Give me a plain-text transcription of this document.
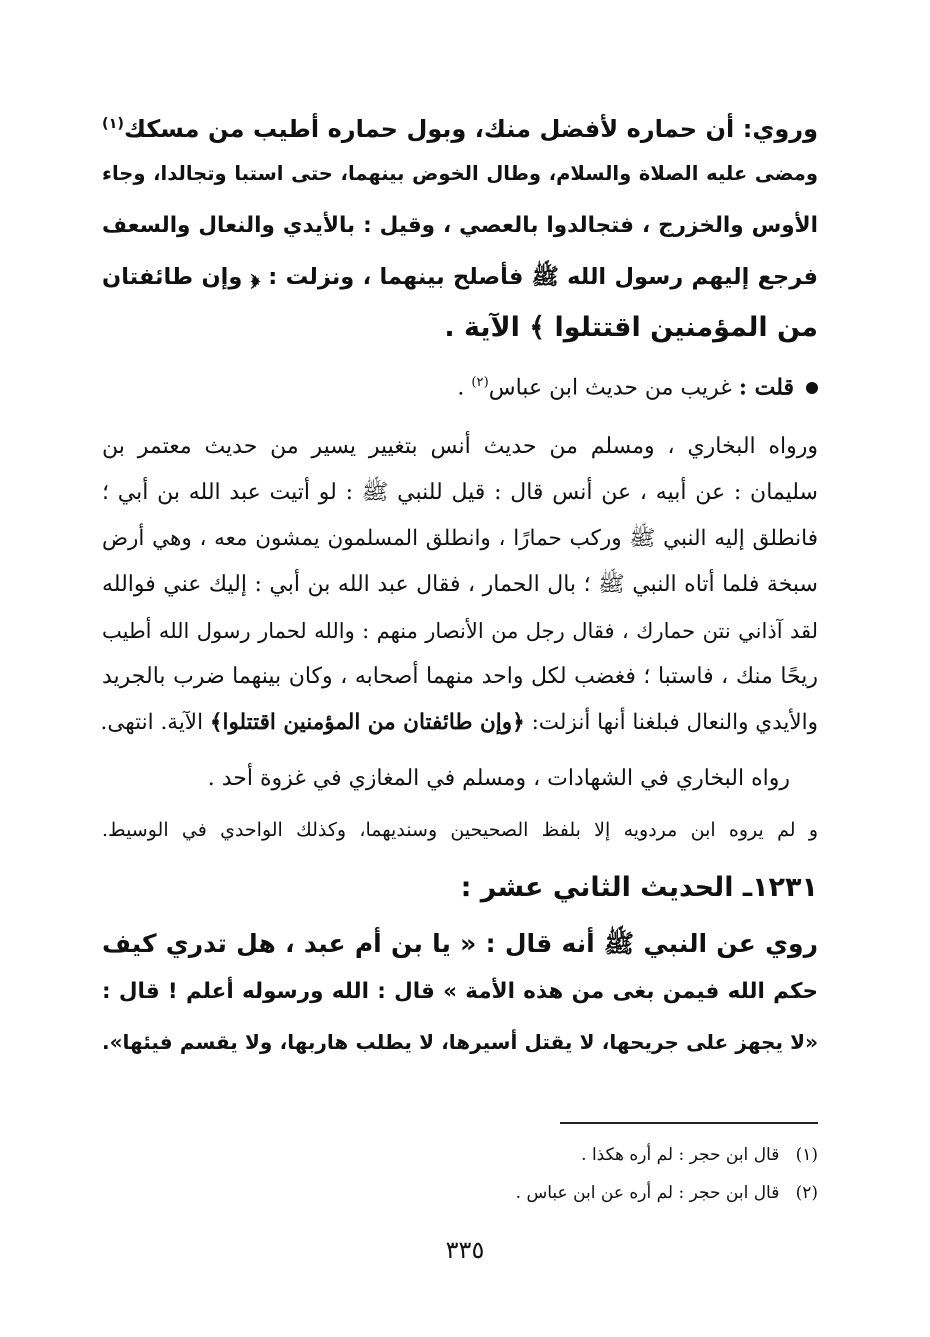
وروي: أن حماره لأفضل منك، وبول حماره أطيب من مسكك$^{(١)}$
ومضى عليه الصلاة والسلام، وطال الخوض بينهما، حتى استبا وتجالدا، وجاء
الأوس والخزرج ، فتجالدوا بالعصي ، وقيل : بالأيدي والنعال والسعف
فرجع إليهم رسول الله ﷺ فأصلح بينهما ، ونزلت : ﴿ وإن طائفتان
من المؤمنين اقتتلوا ﴾ الآية .
قلت : غريب من حديث ابن عباس$^{(٢)}$ .
ورواه البخاري ، ومسلم من حديث أنس بتغيير يسير من حديث معتمر بن
سليمان : عن أبيه ، عن أنس قال : قيل للنبي ﷺ : لو أتيت عبد الله بن أبي ؛
فانطلق إليه النبي ﷺ وركب حمارًا ، وانطلق المسلمون يمشون معه ، وهي أرض
سبخة فلما أتاه النبي ﷺ ؛ بال الحمار ، فقال عبد الله بن أبي : إليك عني فوالله
لقد آذاني نتن حمارك ، فقال رجل من الأنصار منهم : والله لحمار رسول الله أطيب
ريحًا منك ، فاستبا ؛ فغضب لكل واحد منهما أصحابه ، وكان بينهما ضرب بالجريد
والأيدي والنعال فبلغنا أنها أنزلت: ﴿وإن طائفتان من المؤمنين اقتتلوا﴾ الآية. انتهى.
رواه البخاري في الشهادات ، ومسلم في المغازي في غزوة أحد .
و لم يروه ابن مردويه إلا بلفظ الصحيحين وسنديهما، وكذلك الواحدي في الوسيط.
١٢٣١ـ الحديث الثاني عشر :
روي عن النبي ﷺ أنه قال : « يا بن أم عبد ، هل تدري كيف
حكم الله فيمن بغى من هذه الأمة » قال : الله ورسوله أعلم ! قال :
«لا يجهز على جريحها، لا يقتل أسيرها، لا يطلب هاربها، ولا يقسم فيئها».
(١)   قال ابن حجر : لم أره هكذا .
(٢)   قال ابن حجر : لم أره عن ابن عباس .
٣٣٥
